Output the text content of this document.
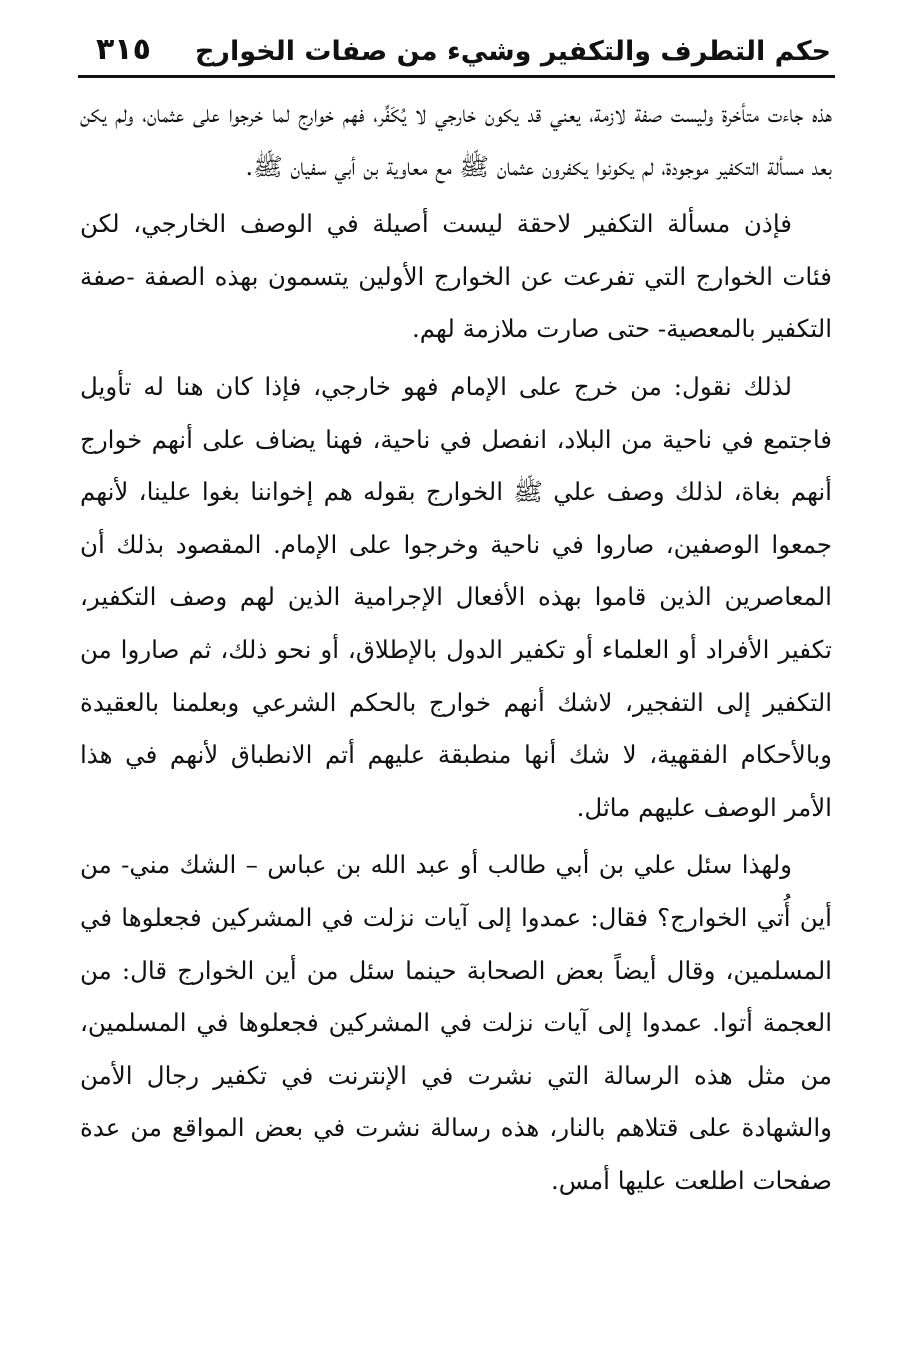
حكم التطرف والتكفير وشيء من صفات الخوارج
٣١٥

هذه جاءت متأخرة وليست صفة لازمة، يعني قد يكون خارجي لا يُكَفِّر، فهم خوارج لما خرجوا على عثمان، ولم يكن بعد مسألة التكفير موجودة، لم يكونوا يكفرون عثمان ﷺ مع معاوية بن أبي سفيان ﷺ.

فإذن مسألة التكفير لاحقة ليست أصيلة في الوصف الخارجي، لكن فئات الخوارج التي تفرعت عن الخوارج الأولين يتسمون بهذه الصفة -صفة التكفير بالمعصية- حتى صارت ملازمة لهم.

لذلك نقول: من خرج على الإمام فهو خارجي، فإذا كان هنا له تأويل فاجتمع في ناحية من البلاد، انفصل في ناحية، فهنا يضاف على أنهم خوارج أنهم بغاة، لذلك وصف علي ﷺ الخوارج بقوله هم إخواننا بغوا علينا، لأنهم جمعوا الوصفين، صاروا في ناحية وخرجوا على الإمام. المقصود بذلك أن المعاصرين الذين قاموا بهذه الأفعال الإجرامية الذين لهم وصف التكفير، تكفير الأفراد أو العلماء أو تكفير الدول بالإطلاق، أو نحو ذلك، ثم صاروا من التكفير إلى التفجير، لاشك أنهم خوارج بالحكم الشرعي وبعلمنا بالعقيدة وبالأحكام الفقهية، لا شك أنها منطبقة عليهم أتم الانطباق لأنهم في هذا الأمر الوصف عليهم ماثل.

ولهذا سئل علي بن أبي طالب أو عبد الله بن عباس – الشك مني- من أين أُتي الخوارج؟ فقال: عمدوا إلى آيات نزلت في المشركين فجعلوها في المسلمين، وقال أيضاً بعض الصحابة حينما سئل من أين الخوارج قال: من العجمة أتوا. عمدوا إلى آيات نزلت في المشركين فجعلوها في المسلمين، من مثل هذه الرسالة التي نشرت في الإنترنت في تكفير رجال الأمن والشهادة على قتلاهم بالنار، هذه رسالة نشرت في بعض المواقع من عدة صفحات اطلعت عليها أمس.
